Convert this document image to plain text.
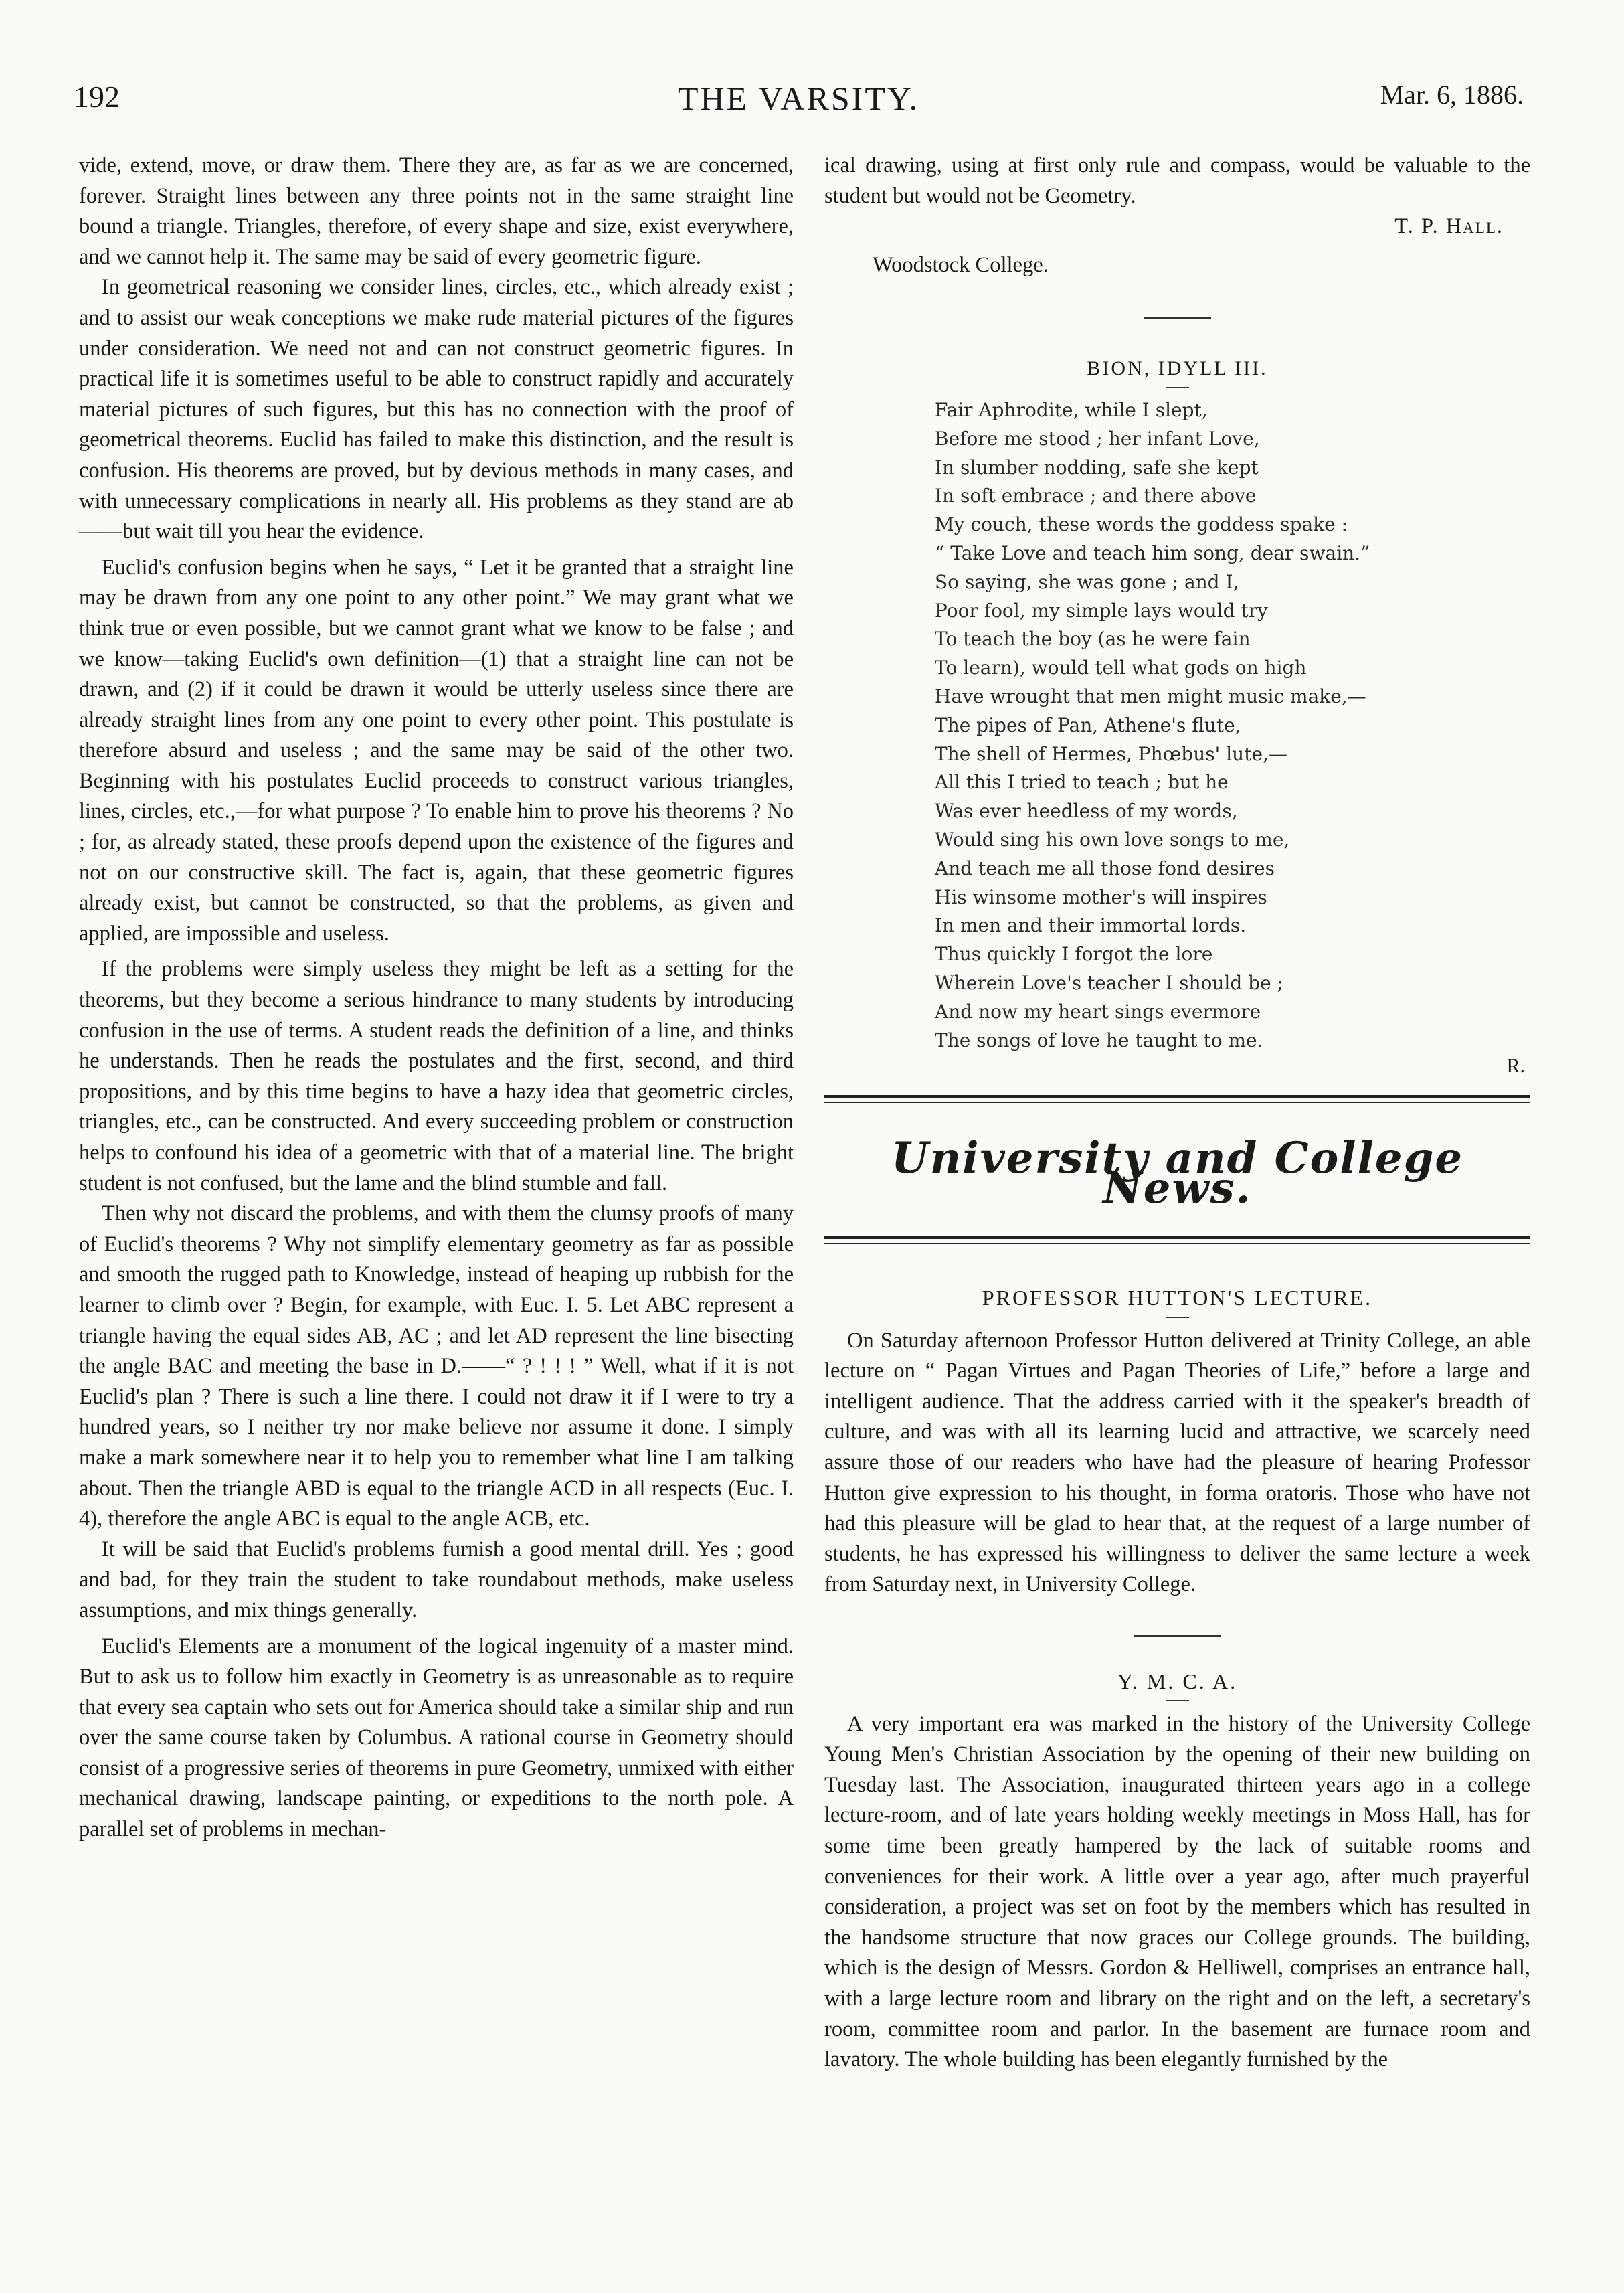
192	THE VARSITY.	Mar. 6, 1886.

vide, extend, move, or draw them. There they are, as far as we are concerned, forever. Straight lines between any three points not in the same straight line bound a triangle. Triangles, therefore, of every shape and size, exist everywhere, and we cannot help it. The same may be said of every geometric figure.

In geometrical reasoning we consider lines, circles, etc., which already exist ; and to assist our weak conceptions we make rude material pictures of the figures under consideration. We need not and can not construct geometric figures. In practical life it is sometimes useful to be able to construct rapidly and accurately material pictures of such figures, but this has no connection with the proof of geometrical theorems. Euclid has failed to make this distinction, and the result is confusion. His theorems are proved, but by devious methods in many cases, and with unnecessary complications in nearly all. His problems as they stand are ab——but wait till you hear the evidence.

Euclid's confusion begins when he says, “ Let it be granted that a straight line may be drawn from any one point to any other point.” We may grant what we think true or even possible, but we cannot grant what we know to be false ; and we know—taking Euclid's own definition—(1) that a straight line can not be drawn, and (2) if it could be drawn it would be utterly useless since there are already straight lines from any one point to every other point. This postulate is therefore absurd and useless ; and the same may be said of the other two. Beginning with his postulates Euclid proceeds to construct various triangles, lines, circles, etc.,—for what purpose ? To enable him to prove his theorems ? No ; for, as already stated, these proofs depend upon the existence of the figures and not on our constructive skill. The fact is, again, that these geometric figures already exist, but cannot be constructed, so that the problems, as given and applied, are impossible and useless.

If the problems were simply useless they might be left as a setting for the theorems, but they become a serious hindrance to many students by introducing confusion in the use of terms. A student reads the definition of a line, and thinks he understands. Then he reads the postulates and the first, second, and third propositions, and by this time begins to have a hazy idea that geometric circles, triangles, etc., can be constructed. And every succeeding problem or construction helps to confound his idea of a geometric with that of a material line. The bright student is not confused, but the lame and the blind stumble and fall.

Then why not discard the problems, and with them the clumsy proofs of many of Euclid's theorems ? Why not simplify elementary geometry as far as possible and smooth the rugged path to Knowledge, instead of heaping up rubbish for the learner to climb over ? Begin, for example, with Euc. I. 5. Let ABC represent a triangle having the equal sides AB, AC ; and let AD represent the line bisecting the angle BAC and meeting the base in D.——“ ? ! ! ! ” Well, what if it is not Euclid's plan ? There is such a line there. I could not draw it if I were to try a hundred years, so I neither try nor make believe nor assume it done. I simply make a mark somewhere near it to help you to remember what line I am talking about. Then the triangle ABD is equal to the triangle ACD in all respects (Euc. I. 4), therefore the angle ABC is equal to the angle ACB, etc.

It will be said that Euclid's problems furnish a good mental drill. Yes ; good and bad, for they train the student to take roundabout methods, make useless assumptions, and mix things generally.

Euclid's Elements are a monument of the logical ingenuity of a master mind. But to ask us to follow him exactly in Geometry is as unreasonable as to require that every sea captain who sets out for America should take a similar ship and run over the same course taken by Columbus. A rational course in Geometry should consist of a progressive series of theorems in pure Geometry, unmixed with either mechanical drawing, landscape painting, or expeditions to the north pole. A parallel set of problems in mechan-

ical drawing, using at first only rule and compass, would be valuable to the student but would not be Geometry.

T. P. Hall.
Woodstock College.
BION, IDYLL III.
Fair Aphrodite, while I slept,
Before me stood ; her infant Love,
In slumber nodding, safe she kept
In soft embrace ; and there above
My couch, these words the goddess spake :
“ Take Love and teach him song, dear swain.”
So saying, she was gone ; and I,
Poor fool, my simple lays would try
To teach the boy (as he were fain
To learn), would tell what gods on high
Have wrought that men might music make,—
The pipes of Pan, Athene's flute,
The shell of Hermes, Phœbus' lute,—
All this I tried to teach ; but he
Was ever heedless of my words,
Would sing his own love songs to me,
And teach me all those fond desires
His winsome mother's will inspires
In men and their immortal lords.
Thus quickly I forgot the lore
Wherein Love's teacher I should be ;
And now my heart sings evermore
The songs of love he taught to me.
R.
University and College News.
PROFESSOR HUTTON'S LECTURE.

On Saturday afternoon Professor Hutton delivered at Trinity College, an able lecture on “ Pagan Virtues and Pagan Theories of Life,” before a large and intelligent audience. That the address carried with it the speaker's breadth of culture, and was with all its learning lucid and attractive, we scarcely need assure those of our readers who have had the pleasure of hearing Professor Hutton give expression to his thought, in forma oratoris. Those who have not had this pleasure will be glad to hear that, at the request of a large number of students, he has expressed his willingness to deliver the same lecture a week from Saturday next, in University College.

Y. M. C. A.

A very important era was marked in the history of the University College Young Men's Christian Association by the opening of their new building on Tuesday last. The Association, inaugurated thirteen years ago in a college lecture-room, and of late years holding weekly meetings in Moss Hall, has for some time been greatly hampered by the lack of suitable rooms and conveniences for their work. A little over a year ago, after much prayerful consideration, a project was set on foot by the members which has resulted in the handsome structure that now graces our College grounds. The building, which is the design of Messrs. Gordon & Helliwell, comprises an entrance hall, with a large lecture room and library on the right and on the left, a secretary's room, committee room and parlor. In the basement are furnace room and lavatory. The whole building has been elegantly furnished by the
